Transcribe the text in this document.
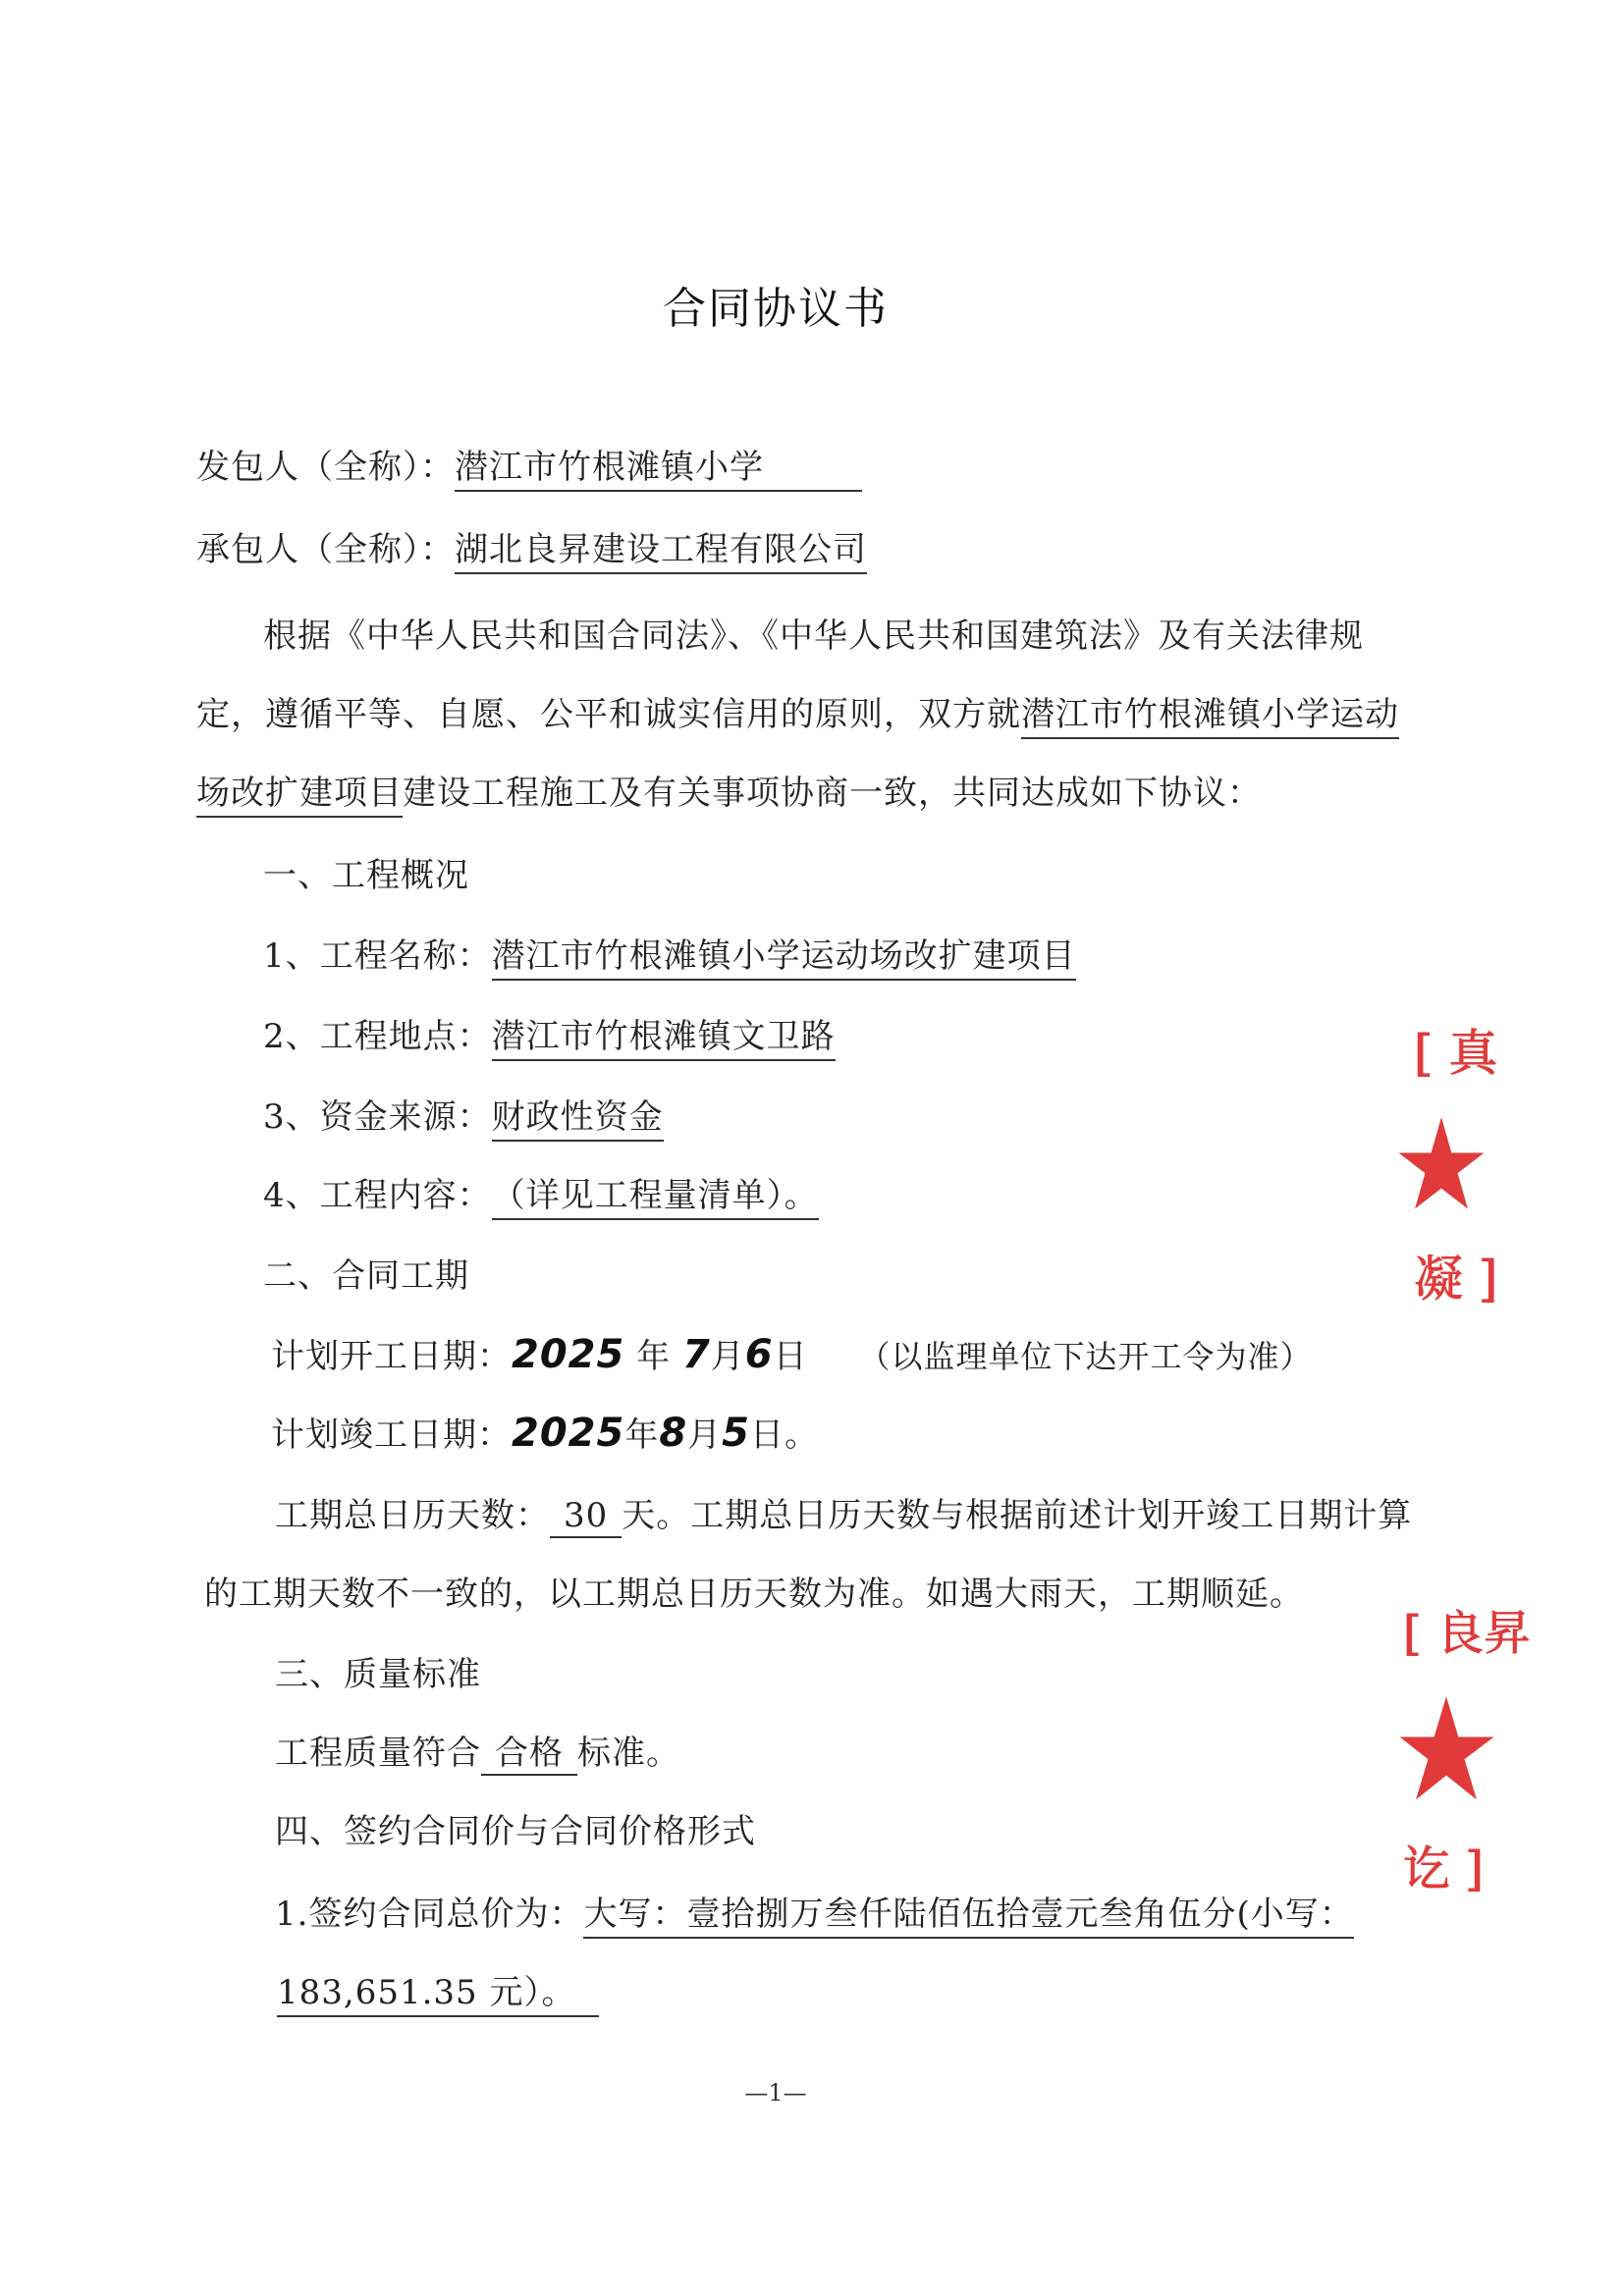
合同协议书
发包人（全称）：潜江市竹根滩镇小学
承包人（全称）：湖北良昇建设工程有限公司
根据《中华人民共和国合同法》、《中华人民共和国建筑法》及有关法律规
定，遵循平等、自愿、公平和诚实信用的原则，双方就潜江市竹根滩镇小学运动
场改扩建项目建设工程施工及有关事项协商一致，共同达成如下协议：
一、工程概况
1、工程名称：潜江市竹根滩镇小学运动场改扩建项目
2、工程地点：潜江市竹根滩镇文卫路
3、资金来源：财政性资金
4、工程内容：（详见工程量清单）。
二、合同工期
计划开工日期：2025 年 7月6日 （以监理单位下达开工令为准）
计划竣工日期：2025年8月5日。
工期总日历天数： 30 天。工期总日历天数与根据前述计划开竣工日期计算
的工期天数不一致的，以工期总日历天数为准。如遇大雨天，工期顺延。
三、质量标准
工程质量符合 合格 标准。
四、签约合同价与合同价格形式
1.签约合同总价为：大写：壹拾捌万叁仟陆佰伍拾壹元叁角伍分(小写：
183,651.35 元）。
—1—
[ 真
凝 ]
[ 良昇
讫 ]
